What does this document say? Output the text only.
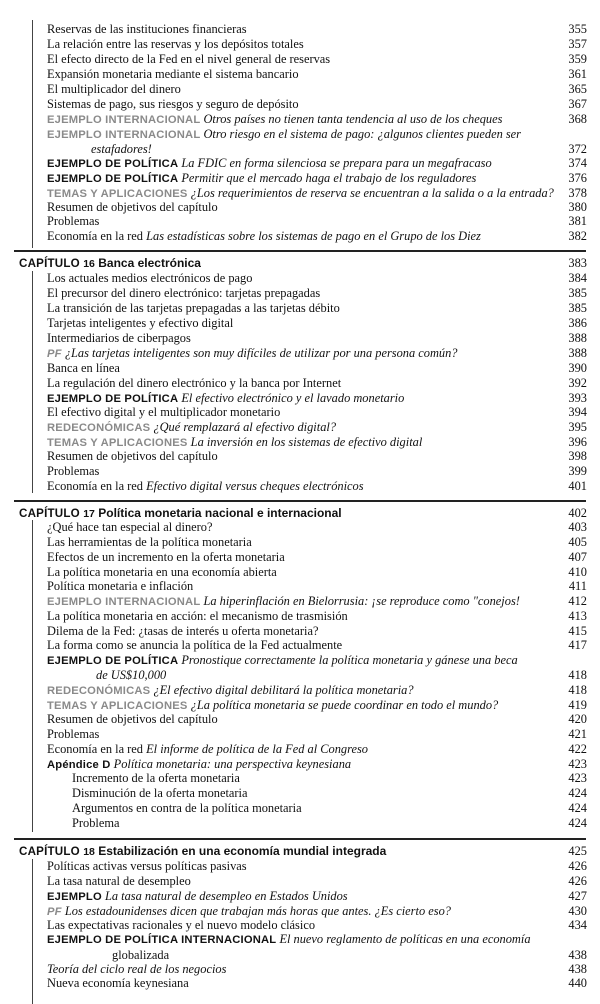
Reservas de las instituciones financieras	355
La relación entre las reservas y los depósitos totales	357
El efecto directo de la Fed en el nivel general de reservas	359
Expansión monetaria mediante el sistema bancario	361
El multiplicador del dinero	365
Sistemas de pago, sus riesgos y seguro de depósito	367
EJEMPLO INTERNACIONAL Otros países no tienen tanta tendencia al uso de los cheques	368
EJEMPLO INTERNACIONAL Otro riesgo en el sistema de pago: ¿algunos clientes pueden ser
estafadores!	372
EJEMPLO DE POLÍTICA La FDIC en forma silenciosa se prepara para un megafracaso	374
EJEMPLO DE POLÍTICA Permitir que el mercado haga el trabajo de los reguladores	376
TEMAS Y APLICACIONES ¿Los requerimientos de reserva se encuentran a la salida o a la entrada? 378
Resumen de objetivos del capítulo	380
Problemas	381
Economía en la red Las estadísticas sobre los sistemas de pago en el Grupo de los Diez	382
CAPÍTULO 16 Banca electrónica	383
Los actuales medios electrónicos de pago	384
El precursor del dinero electrónico: tarjetas prepagadas	385
La transición de las tarjetas prepagadas a las tarjetas débito	385
Tarjetas inteligentes y efectivo digital	386
Intermediarios de ciberpagos	388
PF ¿Las tarjetas inteligentes son muy difíciles de utilizar por una persona común?	388
Banca en línea	390
La regulación del dinero electrónico y la banca por Internet	392
EJEMPLO DE POLÍTICA El efectivo electrónico y el lavado monetario	393
El efectivo digital y el multiplicador monetario	394
REDECONÓMICAS ¿Qué remplazará al efectivo digital?	395
TEMAS Y APLICACIONES La inversión en los sistemas de efectivo digital	396
Resumen de objetivos del capítulo	398
Problemas	399
Economía en la red Efectivo digital versus cheques electrónicos	401
CAPÍTULO 17 Política monetaria nacional e internacional	402
¿Qué hace tan especial al dinero?	403
Las herramientas de la política monetaria	405
Efectos de un incremento en la oferta monetaria	407
La política monetaria en una economía abierta	410
Política monetaria e inflación	411
EJEMPLO INTERNACIONAL La hiperinflación en Bielorrusia: ¡se reproduce como "conejos!	412
La política monetaria en acción: el mecanismo de trasmisión	413
Dilema de la Fed: ¿tasas de interés u oferta monetaria?	415
La forma como se anuncia la política de la Fed actualmente	417
EJEMPLO DE POLÍTICA Pronostique correctamente la política monetaria y gánese una beca
de US$10,000	418
REDECONÓMICAS ¿El efectivo digital debilitará la política monetaria?	418
TEMAS Y APLICACIONES ¿La política monetaria se puede coordinar en todo el mundo?	419
Resumen de objetivos del capítulo	420
Problemas	421
Economía en la red El informe de política de la Fed al Congreso	422
Apéndice D Política monetaria: una perspectiva keynesiana	423
Incremento de la oferta monetaria	423
Disminución de la oferta monetaria	424
Argumentos en contra de la política monetaria	424
Problema	424
CAPÍTULO 18 Estabilización en una economía mundial integrada	425
Políticas activas versus políticas pasivas	426
La tasa natural de desempleo	426
EJEMPLO La tasa natural de desempleo en Estados Unidos	427
PF Los estadounidenses dicen que trabajan más horas que antes. ¿Es cierto eso?	430
Las expectativas racionales y el nuevo modelo clásico	434
EJEMPLO DE POLÍTICA INTERNACIONAL El nuevo reglamento de políticas en una economía
globalizada	438
Teoría del ciclo real de los negocios	438
Nueva economía keynesiana	440
